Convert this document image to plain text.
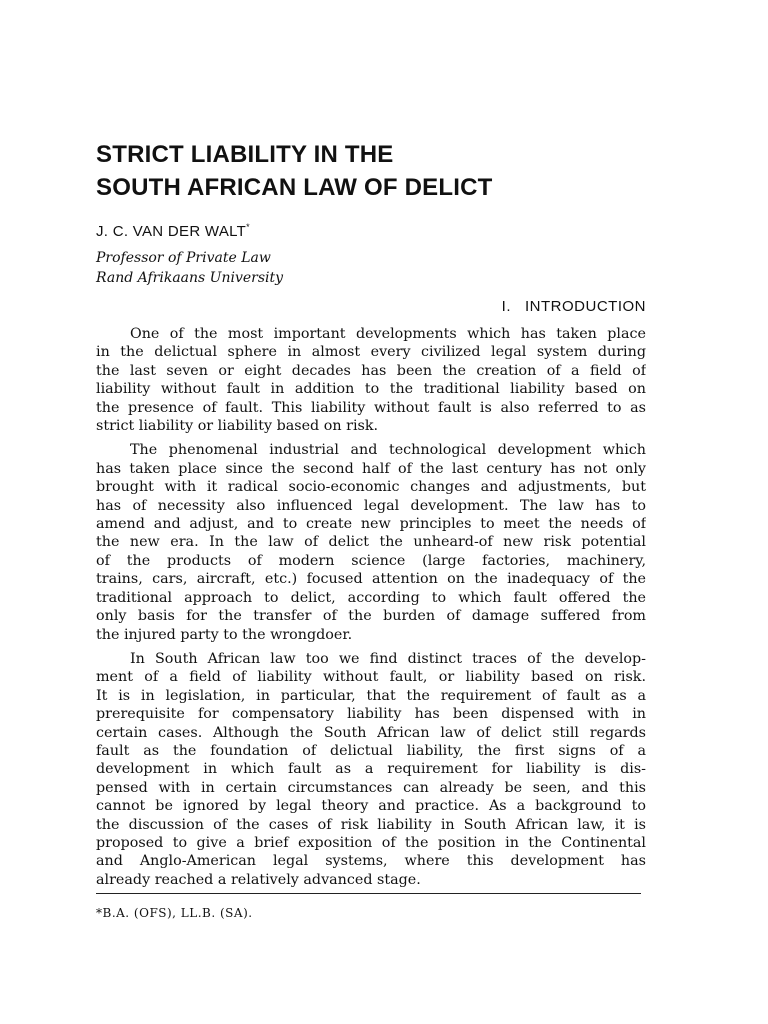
STRICT LIABILITY IN THE
SOUTH AFRICAN LAW OF DELICT
J. C. VAN DER WALT*
Professor of Private Law
Rand Afrikaans University
I. INTRODUCTION
One of the most important developments which has taken place
in the delictual sphere in almost every civilized legal system during
the last seven or eight decades has been the creation of a field of
liability without fault in addition to the traditional liability based on
the presence of fault. This liability without fault is also referred to as
strict liability or liability based on risk.
The phenomenal industrial and technological development which
has taken place since the second half of the last century has not only
brought with it radical socio-economic changes and adjustments, but
has of necessity also influenced legal development. The law has to
amend and adjust, and to create new principles to meet the needs of
the new era. In the law of delict the unheard-of new risk potential
of the products of modern science (large factories, machinery,
trains, cars, aircraft, etc.) focused attention on the inadequacy of the
traditional approach to delict, according to which fault offered the
only basis for the transfer of the burden of damage suffered from
the injured party to the wrongdoer.
In South African law too we find distinct traces of the develop-
ment of a field of liability without fault, or liability based on risk.
It is in legislation, in particular, that the requirement of fault as a
prerequisite for compensatory liability has been dispensed with in
certain cases. Although the South African law of delict still regards
fault as the foundation of delictual liability, the first signs of a
development in which fault as a requirement for liability is dis-
pensed with in certain circumstances can already be seen, and this
cannot be ignored by legal theory and practice. As a background to
the discussion of the cases of risk liability in South African law, it is
proposed to give a brief exposition of the position in the Continental
and Anglo-American legal systems, where this development has
already reached a relatively advanced stage.
*B.A. (OFS), LL.B. (SA).
